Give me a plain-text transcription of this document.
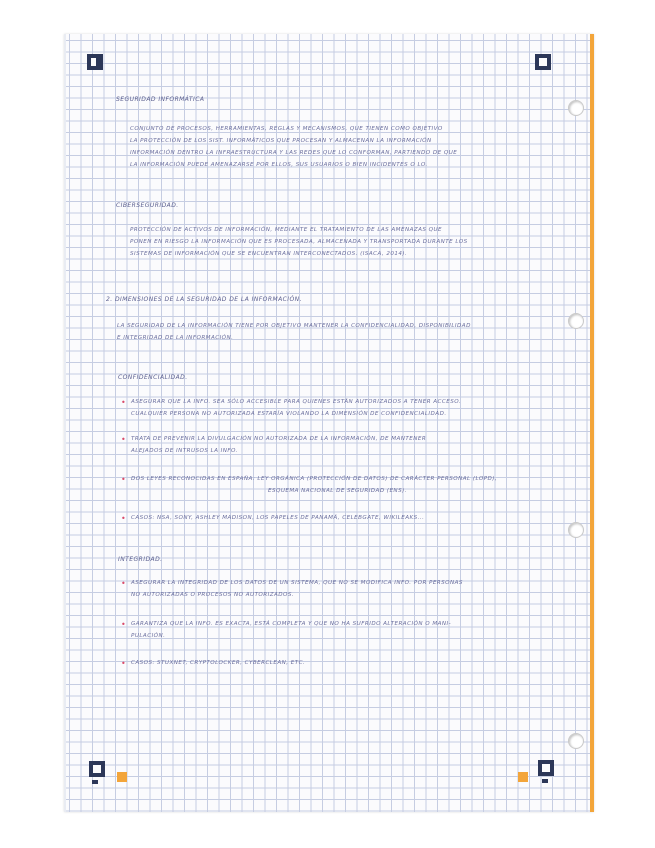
SEGURIDAD INFORMÁTICA
CONJUNTO DE PROCESOS, HERRAMIENTAS, REGLAS Y MECANISMOS, QUE TIENEN COMO OBJETIVO
LA PROTECCIÓN DE LOS SIST. INFORMÁTICOS QUE PROCESAN Y ALMACENAN LA INFORMACIÓN
INFORMACIÓN DENTRO LA INFRAESTRUCTURA Y LAS REDES QUE LO CONFORMAN, PARTIENDO DE QUE
LA INFORMACIÓN PUEDE AMENAZARSE POR ELLOS, SUS USUARIOS O BIEN INCIDENTES O LO.
CIBERSEGURIDAD.
PROTECCIÓN DE ACTIVOS DE INFORMACIÓN, MEDIANTE EL TRATAMIENTO DE LAS AMENAZAS QUE
PONEN EN RIESGO LA INFORMACIÓN QUE ES PROCESADA, ALMACENADA Y TRANSPORTADA DURANTE LOS
SISTEMAS DE INFORMACIÓN QUE SE ENCUENTRAN INTERCONECTADOS. (ISACA, 2014).
2. DIMENSIONES DE LA SEGURIDAD DE LA INFORMACIÓN.
LA SEGURIDAD DE LA INFORMACIÓN TIENE POR OBJETIVO MANTENER LA CONFIDENCIALIDAD, DISPONIBILIDAD
E INTEGRIDAD DE LA INFORMACIÓN.
CONFIDENCIALIDAD.
• ASEGURAR QUE LA INFO. SEA SÓLO ACCESIBLE PARA QUIENES ESTÁN AUTORIZADOS A TENER ACCESO.
CUALQUIER PERSONA NO AUTORIZADA ESTARÍA VIOLANDO LA DIMENSIÓN DE CONFIDENCIALIDAD.
• TRATA DE PREVENIR LA DIVULGACIÓN NO AUTORIZADA DE LA INFORMACIÓN, DE MANTENER
ALEJADOS DE INTRUSOS LA INFO.
• DOS LEYES RECONOCIDAS EN ESPAÑA: LEY ORGÁNICA (PROTECCIÓN DE DATOS) DE CARÁCTER PERSONAL (LOPD),
ESQUEMA NACIONAL DE SEGURIDAD (ENS).
• CASOS: NSA, SONY, ASHLEY MADISON, LOS PAPELES DE PANAMÁ, CELEBGATE, WIKILEAKS...
INTEGRIDAD.
• ASEGURAR LA INTEGRIDAD DE LOS DATOS DE UN SISTEMA, QUE NO SE MODIFICA INFO. POR PERSONAS
NO AUTORIZADAS O PROCESOS NO AUTORIZADOS.
• GARANTIZA QUE LA INFO. ES EXACTA, ESTÁ COMPLETA Y QUE NO HA SUFRIDO ALTERACIÓN O MANI-
PULACIÓN.
• CASOS: STUXNET, CRYPTOLOCKER, CYBERCLEAN, ETC.
